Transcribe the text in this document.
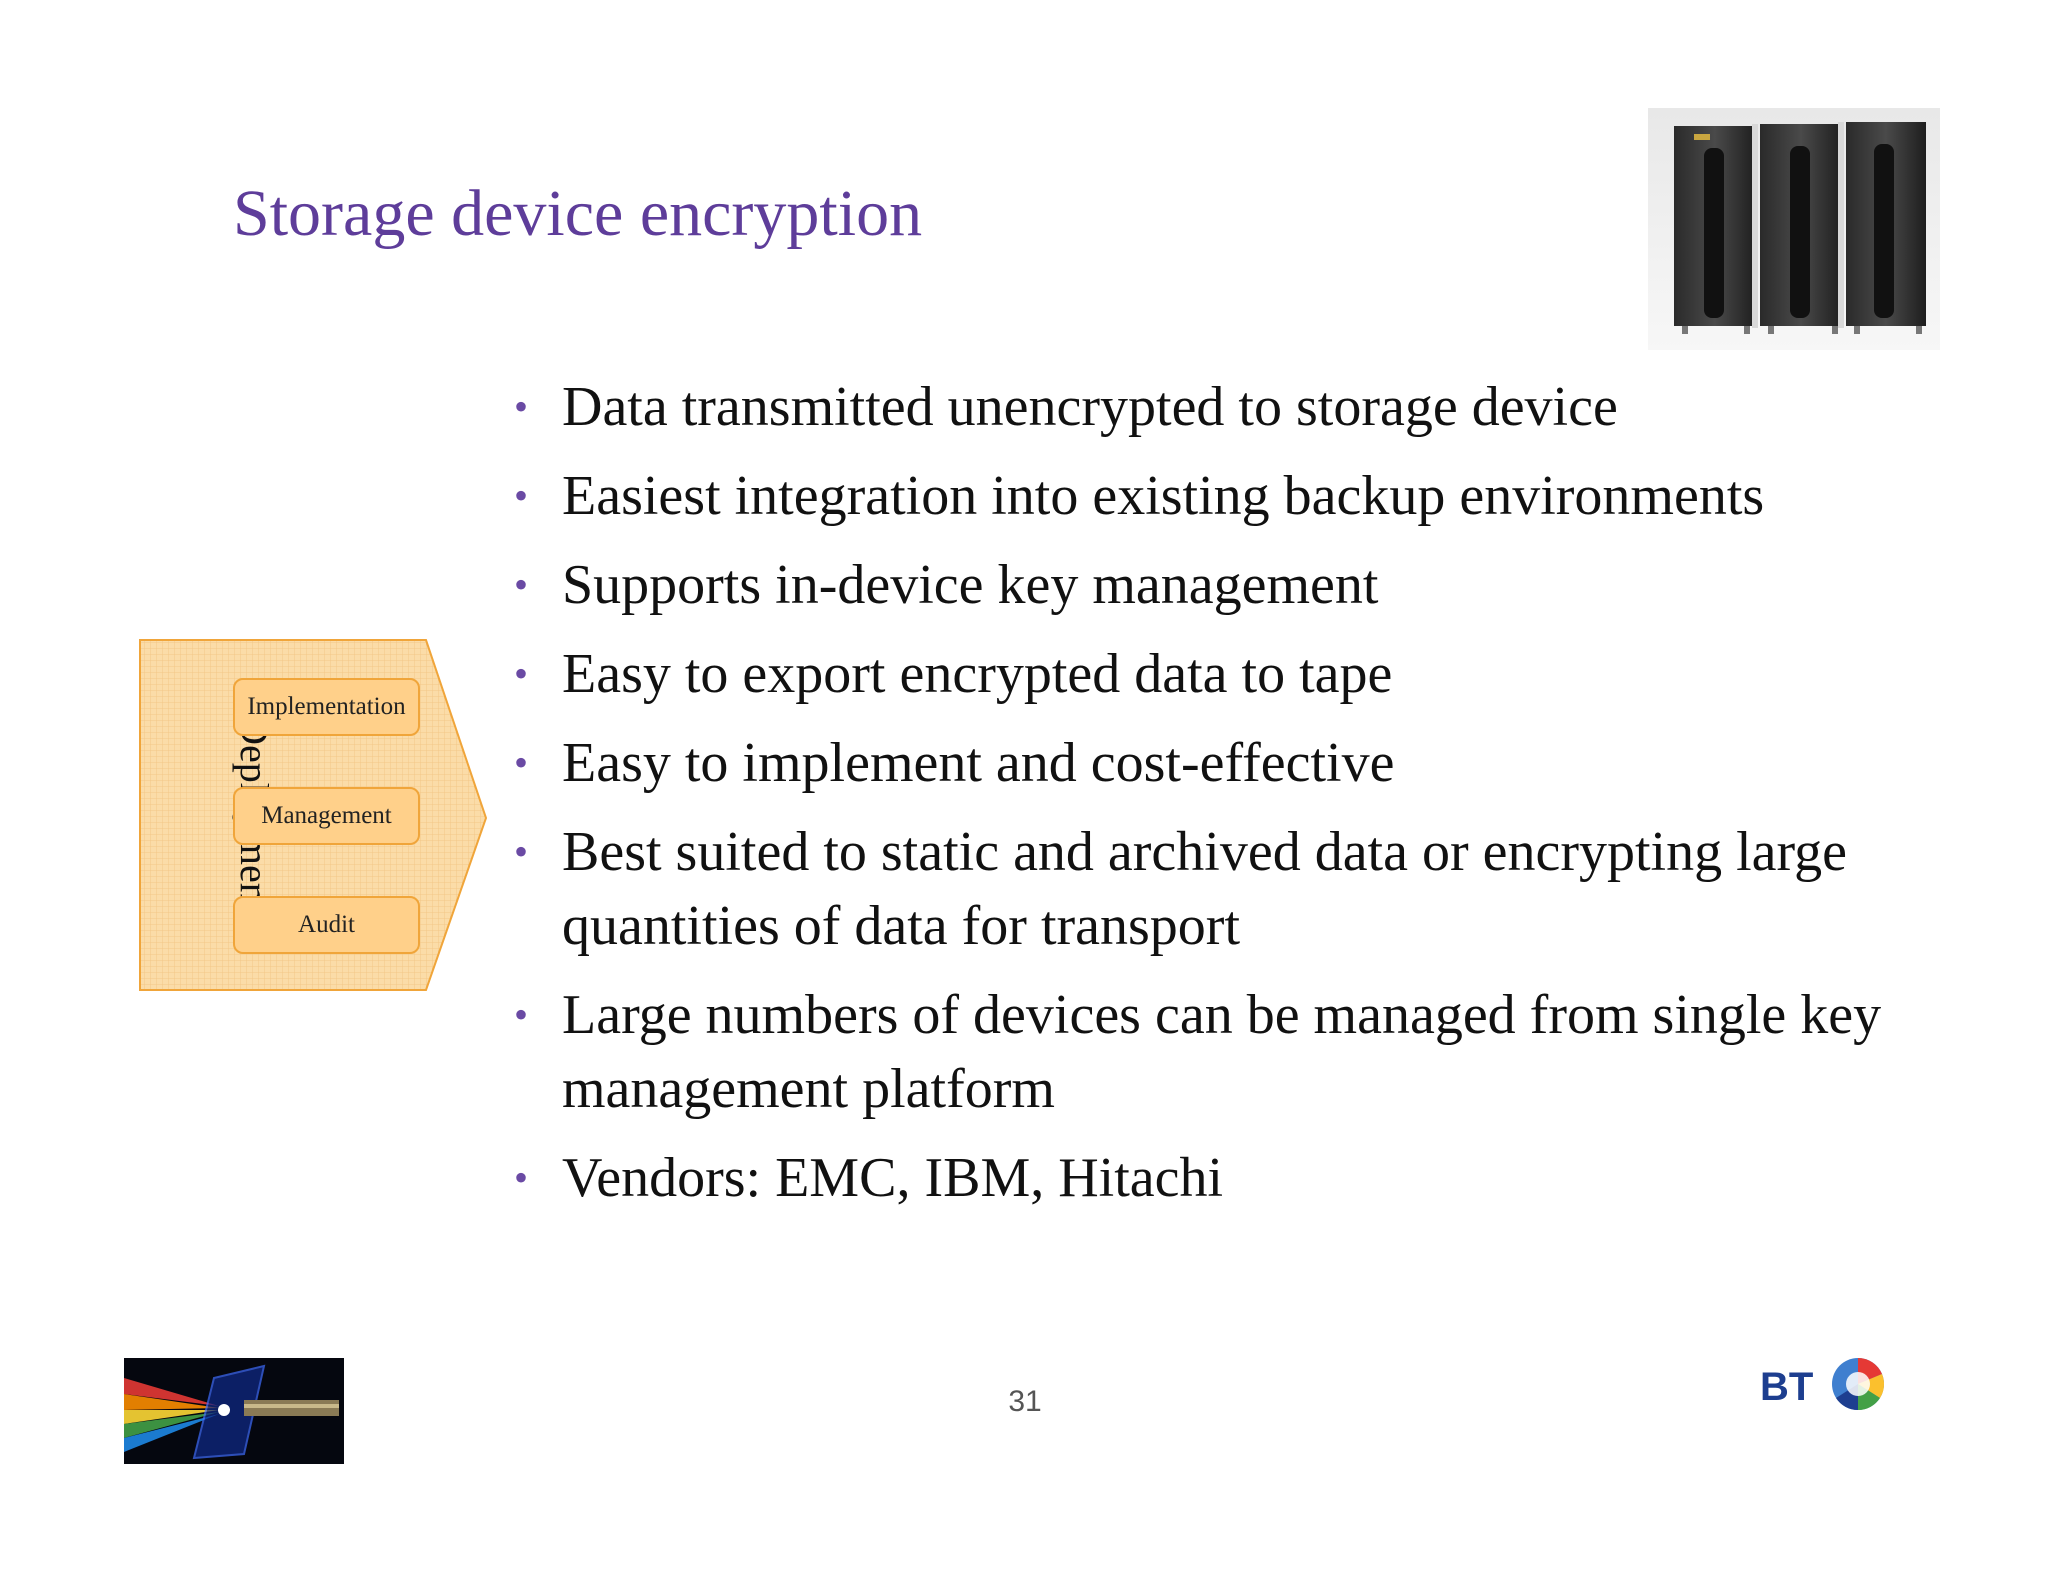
Storage device encryption
• Data transmitted unencrypted to storage device
• Easiest integration into existing backup environments
• Supports in-device key management
• Easy to export encrypted data to tape
• Easy to implement and cost-effective
• Best suited to static and archived data or encrypting large quantities of data for transport
• Large numbers of devices can be managed from single key management platform
• Vendors: EMC, IBM, Hitachi
Implementation
Management
Audit
31	BT
